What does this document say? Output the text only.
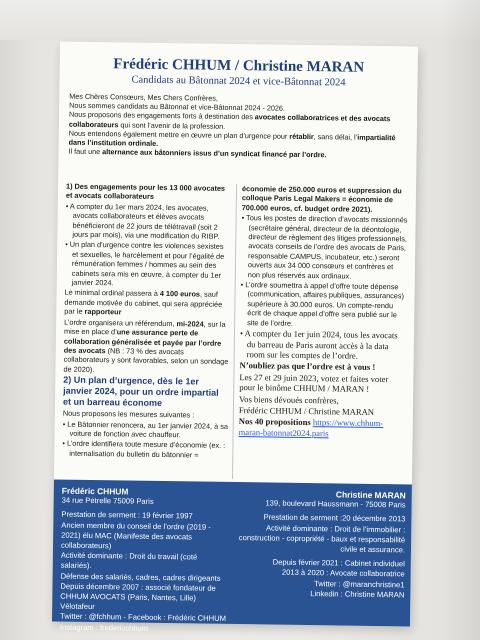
Frédéric CHHUM / Christine MARAN
Candidats au Bâtonnat 2024 et vice-Bâtonnat 2024

Mes Chères Consœurs, Mes Chers Confrères,

Nous sommes candidats au Bâtonnat et vice-Bâtonnat 2024 - 2026.

Nous proposons des engagements forts à destination des avocates collaboratrices et des avocats collaborateurs qui sont l’avenir de la profession.

Nous entendons également mettre en œuvre un plan d’urgence pour rétablir, sans délai, l’impartialité dans l’institution ordinale.

Il faut une alternance aux bâtonniers issus d’un syndicat financé par l’ordre.

1) Des engagements pour les 13 000 avocates et avocats collaborateurs

• A compter du 1er mars 2024, les avocates, avocats collaborateurs et élèves avocats bénéficieront de 22 jours de télétravail (soit 2 jours par mois), via une modification du RIBP.

• Un plan d’urgence contre les violences sexistes et sexuelles, le harcèlement et pour l’égalité de rémunération femmes / hommes au sein des cabinets sera mis en œuvre, à compter du 1er janvier 2024.

Le minimal ordinal passera à 4 100 euros, sauf demande motivée du cabinet, qui sera appréciée par le rapporteur

L’ordre organisera un référendum, mi-2024, sur la mise en place d’une assurance perte de collaboration généralisée et payée par l’ordre des avocats (NB : 73 % des avocats collaborateurs y sont favorables, selon un sondage de 2020).

2) Un plan d’urgence, dès le 1er janvier 2024, pour un ordre impartial et un barreau économe

Nous proposons les mesures suivantes :

• Le Bâtonnier renoncera, au 1er janvier 2024, à sa voiture de fonction avec chauffeur.

• L’ordre identifiera toute mesure d’économie (ex. : internalisation du bulletin du bâtonnier =

économie de 250.000 euros et suppression du colloque Paris Legal Makers = économie de 700.000 euros, cf. budget ordre 2021).

• Tous les postes de direction d’avocats missionnés (secrétaire général, directeur de la déontologie, directeur de règlement des litiges professionnels, avocats conseils de l’ordre des avocats de Paris, responsable CAMPUS, incubateur, etc.) seront ouverts aux 34 000 consœurs et confrères et non plus réservés aux ordinaux.

• L’ordre soumettra à appel d’offre toute dépense (communication, affaires publiques, assurances) supérieure à 30.000 euros. Un compte-rendu écrit de chaque appel d’offre sera publié sur le site de l’ordre.

• A compter du 1er juin 2024, tous les avocats du barreau de Paris auront accès à la data room sur les comptes de l’ordre.

N’oubliez pas que l’ordre est à vous !

Les 27 et 29 juin 2023, votez et faites voter pour le binôme CHHUM / MARAN !

Vos biens dévoués confrères,

Frédéric CHHUM / Christine MARAN

Nos 40 propositions https://www.chhum-maran-batonnat2024.paris

Frédéric CHHUM

34 rue Pétrelle 75009 Paris

Prestation de serment : 19 février 1997

Ancien membre du conseil de l’ordre (2019 - 2021) élu MAC (Manifeste des avocats collaborateurs)

Activité dominante : Droit du travail (coté salariés).

Défense des salariés, cadres, cadres dirigeants

Depuis décembre 2007 : associé fondateur de CHHUM AVOCATS (Paris, Nantes, Lille)

Vélotafeur

Twitter : @fchhum - Facebook : Frédéric CHHUM

Instagram : fredericchhum

Christine MARAN

139, boulevard Haussmann - 75008 Paris

Prestation de serment :20 décembre 2013

Activité dominante : Droit de l’immobilier : construction - copropriété - baux et responsabilité civile et assurance.

Depuis février 2021 : Cabinet individuel

2013 à 2020 : Avocate collaboratrice

Twitter : @maranchristine1

Linkedin : Christine MARAN
